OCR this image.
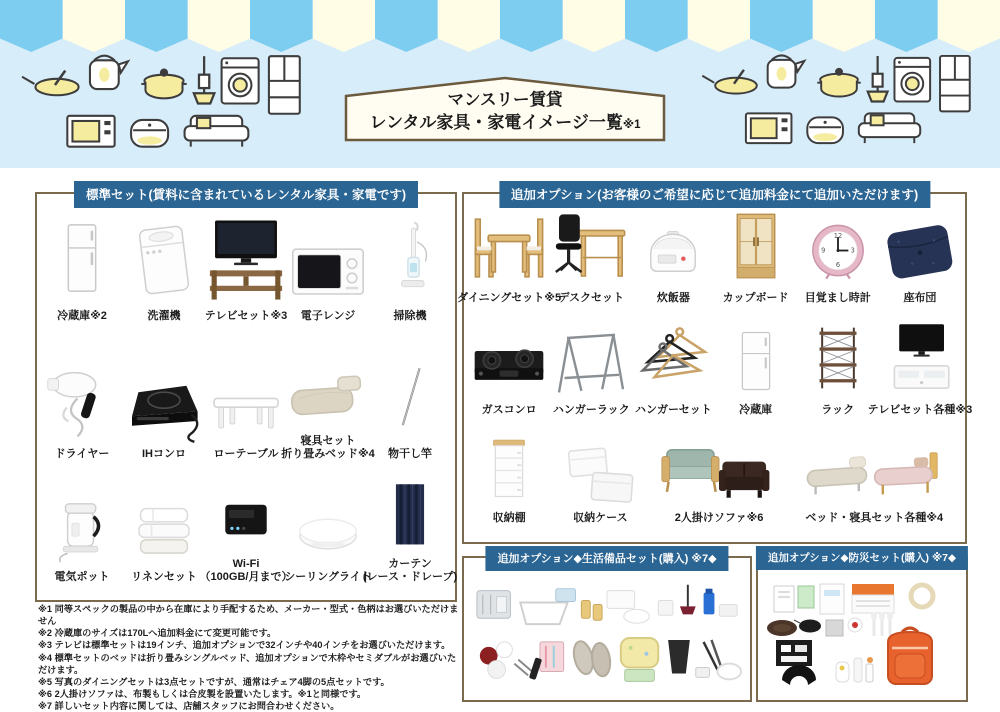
マンスリー賃貸
レンタル家具・家電イメージ一覧※1
標準セット(賃料に含まれているレンタル家具・家電です)
冷蔵庫※2	洗濯機 テレビセット※3 電子レンジ	掃除機
ドライヤー	IHコンロ ローテーブル
寝具セット
折り畳みベッド※4 物干し竿
電気ポット リネンセット
Wi-Fi
（100GB/月まで）
シーリングライト
カーテン
(レース・ドレープ)
追加オプション(お客様のご希望に応じて追加料金にて追加いただけます)
ダイニングセット※5
デスクセット	炊飯器	カップボード
12
3
6
9
目覚まし時計	座布団
ガスコンロ ハンガーラック ハンガーセット 冷蔵庫	ラック テレビセット各種※3
収納棚	収納ケース	2人掛けソファ※6	ベッド・寝具セット各種※4
※1 同等スペックの製品の中から在庫により手配するため、メーカー・型式・色柄はお選びいただけません
※2 冷蔵庫のサイズは170Lへ追加料金にて変更可能です。
※3 テレビは標準セットは19インチ、追加オプションで32インチや40インチをお選びいただけます。
※4 標準セットのベッドは折り畳みシングルベッド、追加オプションで木枠やセミダブルがお選びいただけます。
※5 写真のダイニングセットは3点セットですが、通常はチェア4脚の5点セットです。
※6 2人掛けソファは、布製もしくは合皮製を設置いたします。※1と同様です。
※7 詳しいセット内容に関しては、店舗スタッフにお問合わせください。
追加オプション◆生活備品セット(購入) ※7◆	追加オプション◆防災セット(購入) ※7◆
